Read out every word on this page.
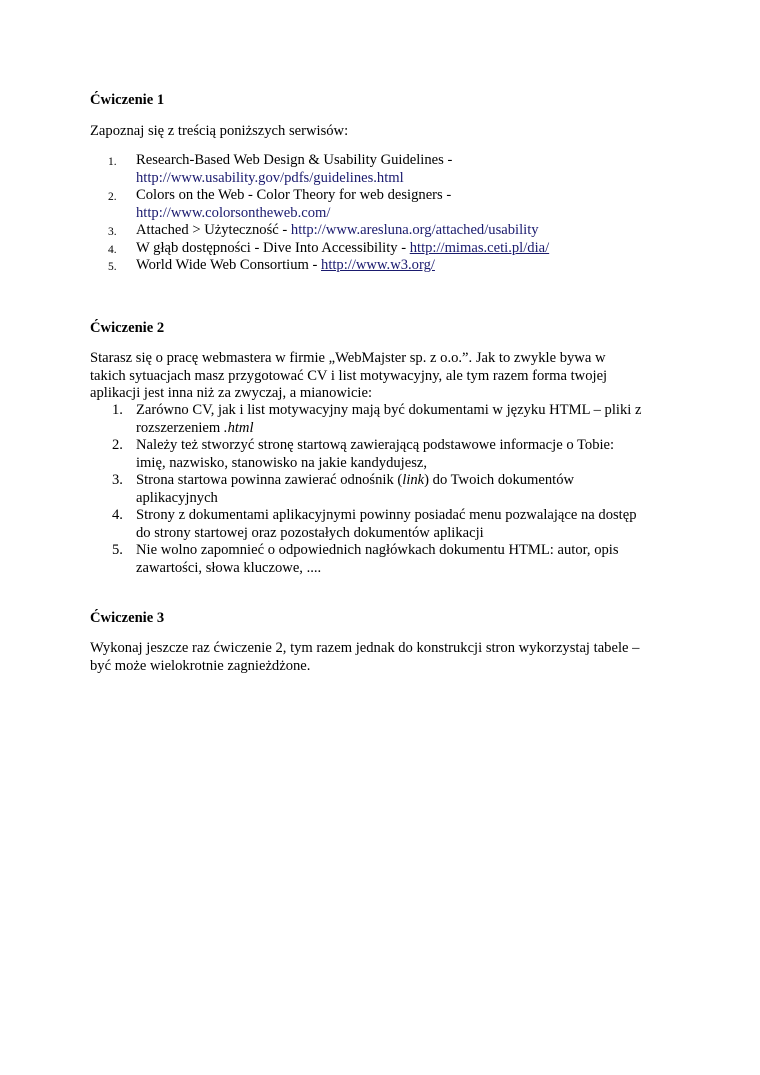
Ćwiczenie 1

Zapoznaj się z treścią poniższych serwisów:

1. Research-Based Web Design & Usability Guidelines -
http://www.usability.gov/pdfs/guidelines.html
2. Colors on the Web - Color Theory for web designers -
http://www.colorsontheweb.com/
3. Attached > Użyteczność - http://www.aresluna.org/attached/usability
4. W głąb dostępności - Dive Into Accessibility - http://mimas.ceti.pl/dia/
5. World Wide Web Consortium - http://www.w3.org/
Ćwiczenie 2

Starasz się o pracę webmastera w firmie „WebMajster sp. z o.o.”. Jak to zwykle bywa w
takich sytuacjach masz przygotować CV i list motywacyjny, ale tym razem forma twojej
aplikacji jest inna niż za zwyczaj, a mianowicie:

1. Zarówno CV, jak i list motywacyjny mają być dokumentami w języku HTML – pliki z
rozszerzeniem .html
2. Należy też stworzyć stronę startową zawierającą podstawowe informacje o Tobie:
imię, nazwisko, stanowisko na jakie kandydujesz,
3. Strona startowa powinna zawierać odnośnik (link) do Twoich dokumentów
aplikacyjnych
4. Strony z dokumentami aplikacyjnymi powinny posiadać menu pozwalające na dostęp
do strony startowej oraz pozostałych dokumentów aplikacji
5. Nie wolno zapomnieć o odpowiednich nagłówkach dokumentu HTML: autor, opis
zawartości, słowa kluczowe, ....
Ćwiczenie 3

Wykonaj jeszcze raz ćwiczenie 2, tym razem jednak do konstrukcji stron wykorzystaj tabele –
być może wielokrotnie zagnieżdżone.
